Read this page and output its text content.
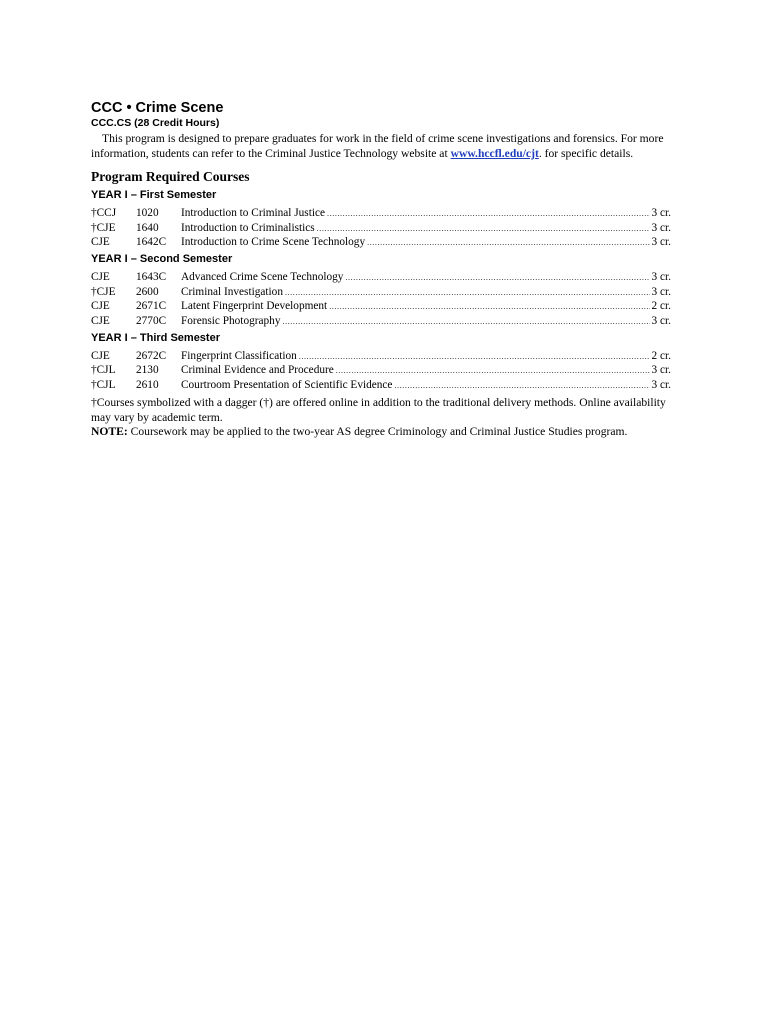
CCC • Crime Scene

CCC.CS (28 Credit Hours)

This program is designed to prepare graduates for work in the field of crime scene investigations and forensics. For more information, students can refer to the Criminal Justice Technology website at www.hccfl.edu/cjt. for specific details.

Program Required Courses
YEAR I – First Semester
†CCJ	1020	Introduction to Criminal Justice .....	3 cr.
†CJE	1640	Introduction to Criminalistics .....	3 cr.
CJE	1642C	Introduction to Crime Scene Technology .....	3 cr.
YEAR I – Second Semester
CJE	1643C	Advanced Crime Scene Technology .....	3 cr.
†CJE	2600	Criminal Investigation .....	3 cr.
CJE	2671C	Latent Fingerprint Development .....	2 cr.
CJE	2770C	Forensic Photography .....	3 cr.
YEAR I – Third Semester
CJE	2672C	Fingerprint Classification .....	2 cr.
†CJL	2130	Criminal Evidence and Procedure .....	3 cr.
†CJL	2610	Courtroom Presentation of Scientific Evidence .....	3 cr.

†Courses symbolized with a dagger (†) are offered online in addition to the traditional delivery methods. Online availability may vary by academic term.

NOTE: Coursework may be applied to the two-year AS degree Criminology and Criminal Justice Studies program.
